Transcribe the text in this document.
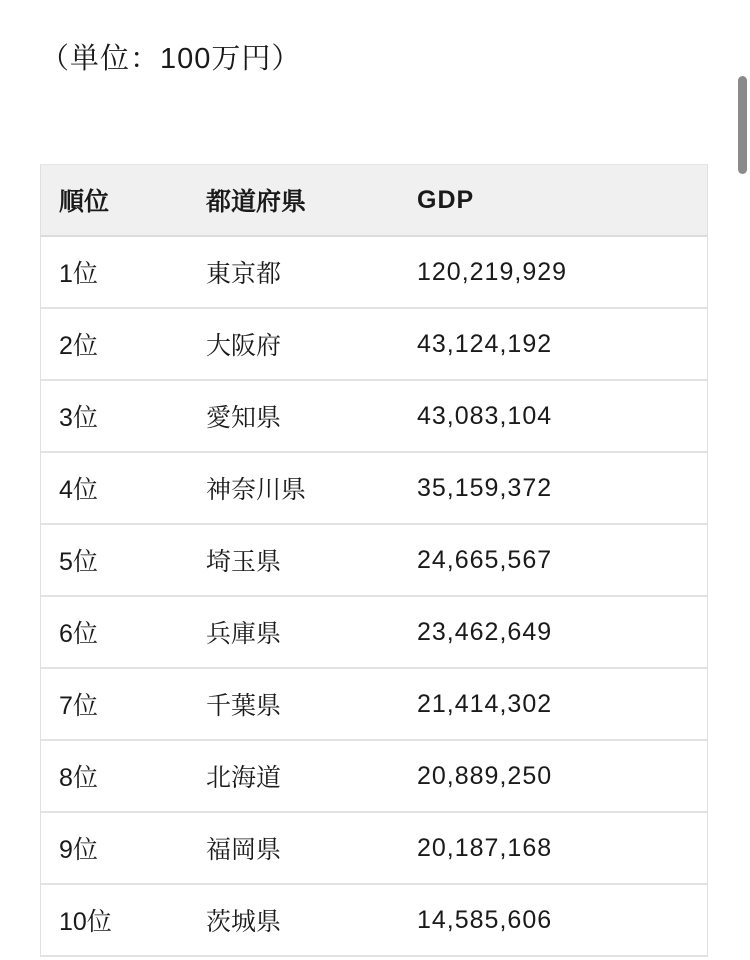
（単位：100万円）
順位	都道府県	GDP
1位	東京都	120,219,929
2位	大阪府	43,124,192
3位	愛知県	43,083,104
4位	神奈川県	35,159,372
5位	埼玉県	24,665,567
6位	兵庫県	23,462,649
7位	千葉県	21,414,302
8位	北海道	20,889,250
9位	福岡県	20,187,168
10位	茨城県	14,585,606
